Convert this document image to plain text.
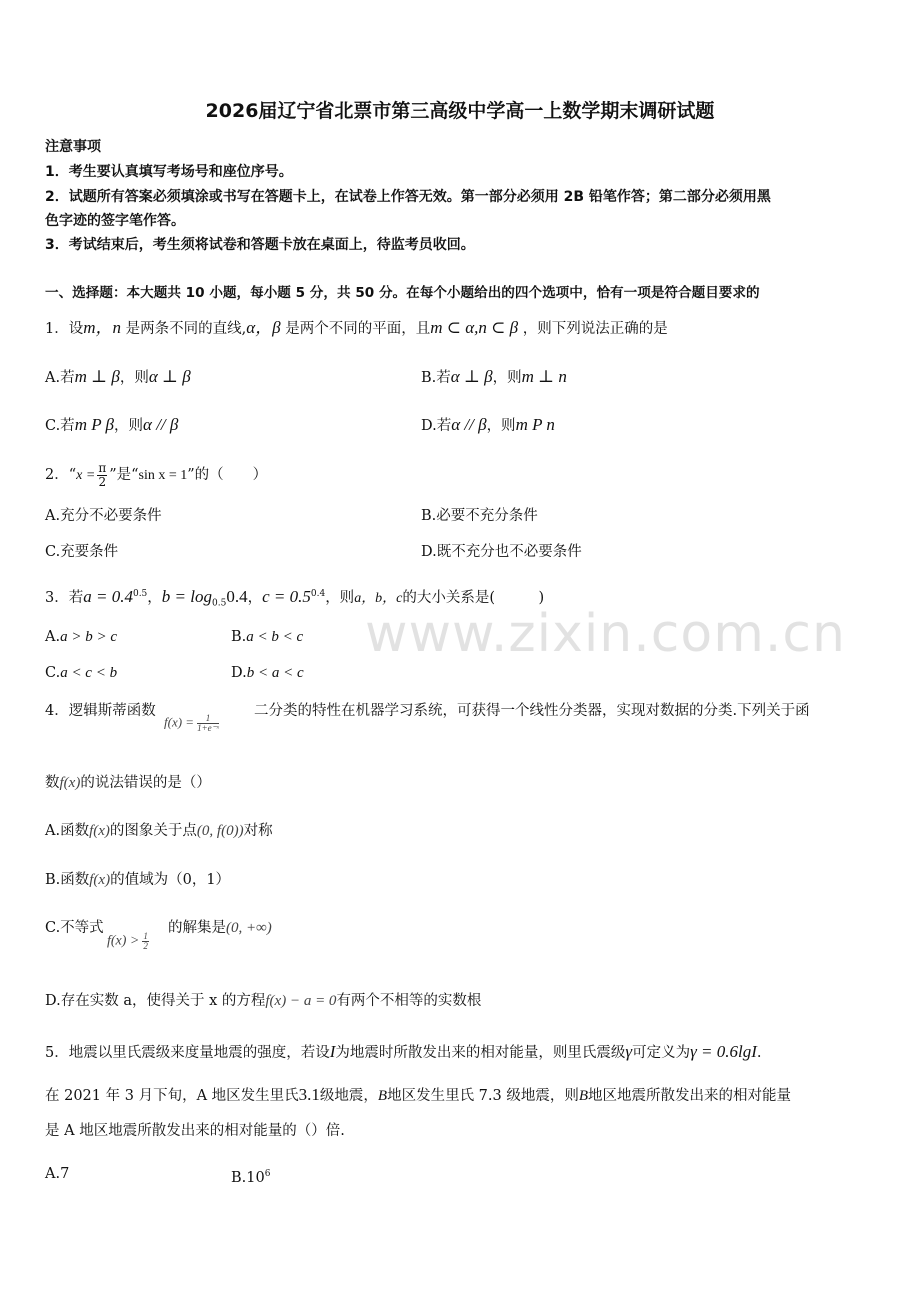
2026届辽宁省北票市第三高级中学高一上数学期末调研试题
注意事项
1．考生要认真填写考场号和座位序号。
2．试题所有答案必须填涂或书写在答题卡上，在试卷上作答无效。第一部分必须用 2B 铅笔作答；第二部分必须用黑
色字迹的签字笔作答。
3．考试结束后，考生须将试卷和答题卡放在桌面上，待监考员收回。
一、选择题：本大题共 10 小题，每小题 5 分，共 50 分。在每个小题给出的四个选项中，恰有一项是符合题目要求的
1．设m，n 是两条不同的直线,α，β 是两个不同的平面，且m ⊂ α,n ⊂ β ，则下列说法正确的是
A.若m ⊥ β，则α ⊥ β	B.若α ⊥ β，则m ⊥ n
C.若m P β，则α // β	D.若α // β，则m P n
2．“$x = \frac{\pi}{2}$ ”是“sin x = 1”的（　　）
A.充分不必要条件	B.必要不充分条件
C.充要条件	D.既不充分也不必要条件
3．若$a = 0.4^{0.5}$，$b = \log_{0.5}0.4$，$c = 0.5^{0.4}$，则a，b，c的大小关系是(　　　)
A.a > b > c	B.a < b < c
C.a < c < b	D.b < a < c
www.zixin.com.cn
4．逻辑斯蒂函数
$f(x) = \frac{1}{\text{1+e⁻ˣ}}$
二分类的特性在机器学习系统，可获得一个线性分类器，实现对数据的分类.下列关于函
数f(x)的说法错误的是（）
A.函数f(x)的图象关于点(0, f(0))对称
B.函数f(x)的值域为（0，1）
C.不等式
$f(x) > \frac{1}{2}$
的解集是(0, +∞)
D.存在实数 a，使得关于 x 的方程f(x) − a = 0有两个不相等的实数根
5．地震以里氏震级来度量地震的强度，若设I为地震时所散发出来的相对能量，则里氏震级γ可定义为γ = 0.6lgI.
在 2021 年 3 月下旬，A 地区发生里氏3.1级地震，B地区发生里氏 7.3 级地震，则B地区地震所散发出来的相对能量
是 A 地区地震所散发出来的相对能量的（）倍.
A.7	$B.10^6$
